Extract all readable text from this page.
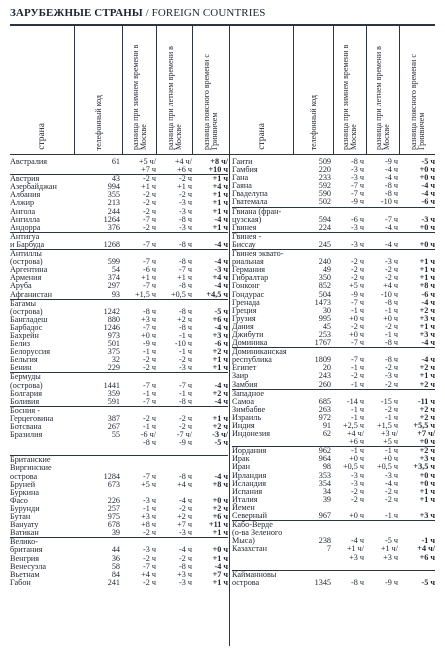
ЗАРУБЕЖНЫЕ СТРАНЫ / FOREIGN COUNTRIES
страна	телефонный код	разница при зимнем времени в Москве разница при летнем времени в Москве разница поясного времени с Гринвичем	страна	телефонный код	разница при зимнем времени в Москве разница при летнем времени в Москве разница поясного времени с Гринвичем
Австралия	61	+5 ч/	+4 ч/	+8 ч/
+7 ч	+6 ч	+10 ч
Австрия	43	-2 ч	-2 ч	+1 ч
Азербайджан	994	+1 ч	+1 ч	+4 ч
Албания	355	-2 ч	-2 ч	+1 ч
Алжир	213	-2 ч	-3 ч	+1 ч
Ангола	244	-2 ч	-3 ч	+1 ч
Ангилла	1264	-7 ч	-8 ч	-4 ч
Андорра	376	-2 ч	-3 ч	+1 ч
Антигуа
и Барбуда	1268	-7 ч	-8 ч	-4 ч
Антиллы
(острова)	599	-7 ч	-8 ч	-4 ч
Аргентина	54	-6 ч	-7 ч	-3 ч
Армения	374	+1 ч	+1 ч	+4 ч
Аруба	297	-7 ч	-8 ч	-4 ч
Афганистан	93	+1,5 ч	+0,5 ч	+4,5 ч
Багамы
(острова)	1242	-8 ч	-8 ч	-5 ч
Бангладеш	880	+3 ч	+2 ч	+6 ч
Барбадос	1246	-7 ч	-8 ч	-4 ч
Бахрейн	973	+0 ч	-1 ч	+3 ч
Белиз	501	-9 ч	-10 ч	-6 ч
Белоруссия	375	-1 ч	-1 ч	+2 ч
Бельгия	32	-2 ч	-2 ч	+1 ч
Бенин	229	-2 ч	-3 ч	+1 ч
Бермуды
(острова)	1441	-7 ч	-7 ч	-4 ч
Болгария	359	-1 ч	-1 ч	+2 ч
Боливия	591	-7 ч	-8 ч	-4 ч
Босния -
Герцеговина	387	-2 ч	-2 ч	+1 ч
Ботсвана	267	-1 ч	-2 ч	+2 ч
Бразилия	55	-6 ч/	-7 ч/	-3 ч/
-8 ч	-9 ч	-5 ч
Британские
Виргинские
острова	1284	-7 ч	-8 ч	-4 ч
Бруней	673	+5 ч	+4 ч	+8 ч
Буркина
Фасо	226	-3 ч	-4 ч	+0 ч
Бурунди	257	-1 ч	-2 ч	+2 ч
Бутан	975	+3 ч	+2 ч	+6 ч
Вануату	678	+8 ч	+7 ч	+11 ч
Ватикан	39	-2 ч	-3 ч	+1 ч
Велико-
британия	44	-3 ч	-4 ч	+0 ч
Венгрия	36	-2 ч	-2 ч	+1 ч
Венесуэла	58	-7 ч	-8 ч	-4 ч
Вьетнам	84	+4 ч	+3 ч	+7 ч
Габон	241	-2 ч	-3 ч	+1 ч
Гаити	509	-8 ч	-9 ч	-5 ч
Гамбия	220	-3 ч	-4 ч	+0 ч
Гана	233	-3 ч	-4 ч	+0 ч
Гаяна	592	-7 ч	-8 ч	-4 ч
Гваделупа	590	-7 ч	-8 ч	-4 ч
Гватемала	502	-9 ч	-10 ч	-6 ч
Гвиана (фран-
цузская)	594	-6 ч	-7 ч	-3 ч
Гвинея	224	-3 ч	-4 ч	+0 ч
Гвинея -
Биссау	245	-3 ч	-4 ч	+0 ч
Гвинея эквато-
риальная	240	-2 ч	-3 ч	+1 ч
Германия	49	-2 ч	-2 ч	+1 ч
Гибралтар	350	-2 ч	-2 ч	+1 ч
Гонконг	852	+5 ч	+4 ч	+8 ч
Гондурас	504	-9 ч	-10 ч	-6 ч
Гренада	1473	-7 ч	-8 ч	-4 ч
Греция	30	-1 ч	-1 ч	+2 ч
Грузия	995	+0 ч	+0 ч	+3 ч
Дания	45	-2 ч	-2 ч	+1 ч
Джибути	253	+0 ч	-1 ч	+3 ч
Доминика	1767	-7 ч	-8 ч	-4 ч
Доминиканская
республика	1809	-7 ч	-8 ч	-4 ч
Египет	20	-1 ч	-2 ч	+2 ч
Заир	243	-2 ч	-3 ч	+1 ч
Замбия	260	-1 ч	-2 ч	+2 ч
Западное
Самоа	685	-14 ч	-15 ч	-11 ч
Зимбабве	263	-1 ч	-2 ч	+2 ч
Израиль	972	-1 ч	-1 ч	+2 ч
Индия	91	+2,5 ч	+1,5 ч	+5,5 ч
Индонезия	62	+4 ч/	+3 ч/	+7 ч/
+6 ч	+5 ч	+0 ч
Иордания	962	-1 ч	-1 ч	+2 ч
Ирак	964	+0 ч	+0 ч	+3 ч
Иран	98	+0,5 ч	+0,5 ч	+3,5 ч
Ирландия	353	-3 ч	-3 ч	+0 ч
Исландия	354	-3 ч	-4 ч	+0 ч
Испания	34	-2 ч	-2 ч	+1 ч
Италия	39	-2 ч	-2 ч	+1 ч
Йемен
Северный	967	+0 ч	-1 ч	+3 ч
Кабо-Верде
(о-ва Зеленого
Мыса)	238	-4 ч	-5 ч	-1 ч
Казахстан	7	+1 ч/	+1 ч/	+4 ч/
+3 ч	+3 ч	+6 ч
Кайманновы
острова	1345	-8 ч	-9 ч	-5 ч
